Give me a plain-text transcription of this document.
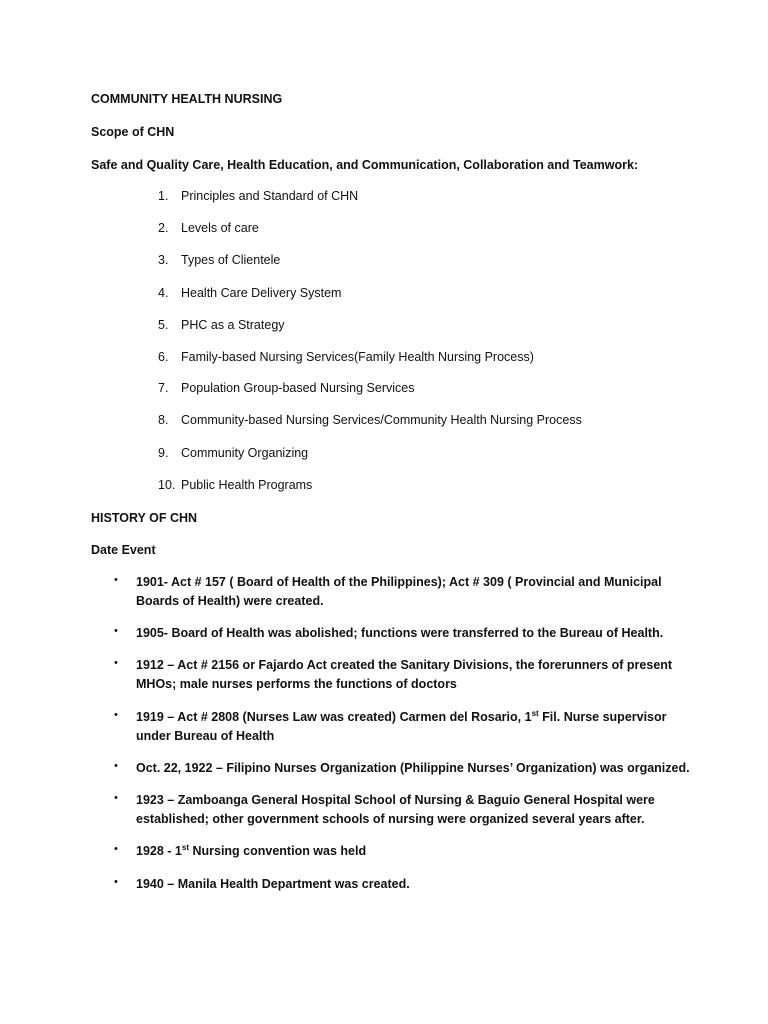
COMMUNITY HEALTH NURSING
Scope of CHN
Safe and Quality Care, Health Education, and Communication, Collaboration and Teamwork:
1.	Principles and Standard of CHN
2.	Levels of care
3.	Types of Clientele
4.	Health Care Delivery System
5.	PHC as a Strategy
6.	Family-based Nursing Services(Family Health Nursing Process)
7.	Population Group-based Nursing Services
8.	Community-based Nursing Services/Community Health Nursing Process
9.	Community Organizing
10. Public Health Programs
HISTORY OF CHN
Date Event
• 1901- Act # 157 ( Board of Health of the Philippines); Act # 309 ( Provincial and Municipal
Boards of Health) were created.
• 1905- Board of Health was abolished; functions were transferred to the Bureau of Health.
• 1912 – Act # 2156 or Fajardo Act created the Sanitary Divisions, the forerunners of present
MHOs; male nurses performs the functions of doctors
• 1919 – Act # 2808 (Nurses Law was created) Carmen del Rosario, 1st Fil. Nurse supervisor
under Bureau of Health
• Oct. 22, 1922 – Filipino Nurses Organization (Philippine Nurses’ Organization) was organized.
• 1923 – Zamboanga General Hospital School of Nursing & Baguio General Hospital were
established; other government schools of nursing were organized several years after.
• 1928 - 1st Nursing convention was held
• 1940 – Manila Health Department was created.
